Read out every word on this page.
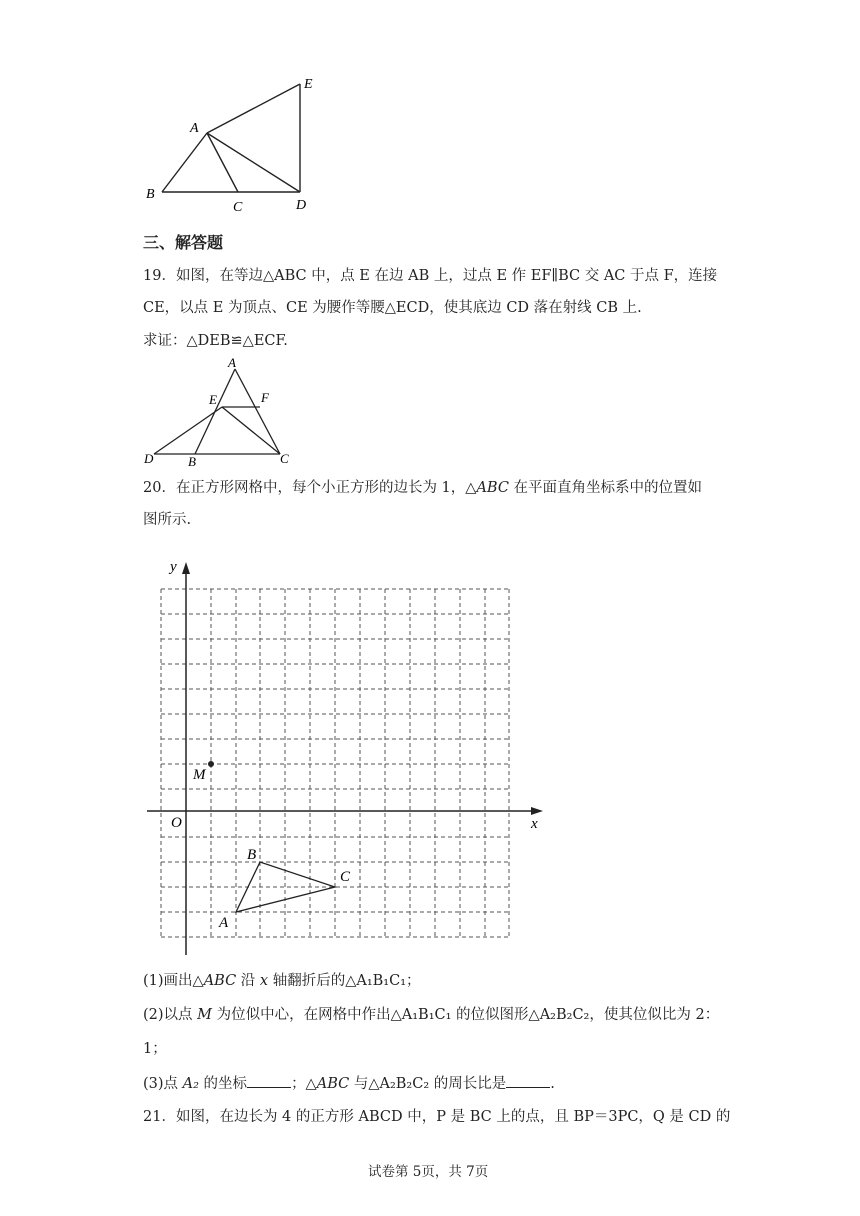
E
A
B
C	D
三、解答题
19．如图，在等边△ABC 中，点 E 在边 AB 上，过点 E 作 EF∥BC 交 AC 于点 F，连接
CE，以点 E 为顶点、CE 为腰作等腰△ECD，使其底边 CD 落在射线 CB 上.
求证：△DEB≌△ECF.
A
E	F
D	B	C
20．在正方形网格中，每个小正方形的边长为 1，△ABC 在平面直角坐标系中的位置如
图所示.
y
x
O
M
A
B
C
(1)画出△ABC 沿 x 轴翻折后的△A₁B₁C₁；
(2)以点 M 为位似中心，在网格中作出△A₁B₁C₁ 的位似图形△A₂B₂C₂，使其位似比为 2：
1；
(3)点 A₂ 的坐标	；△ABC 与△A₂B₂C₂ 的周长比是	.
21．如图，在边长为 4 的正方形 ABCD 中，P 是 BC 上的点，且 BP＝3PC，Q 是 CD 的
试卷第 5页，共 7页
